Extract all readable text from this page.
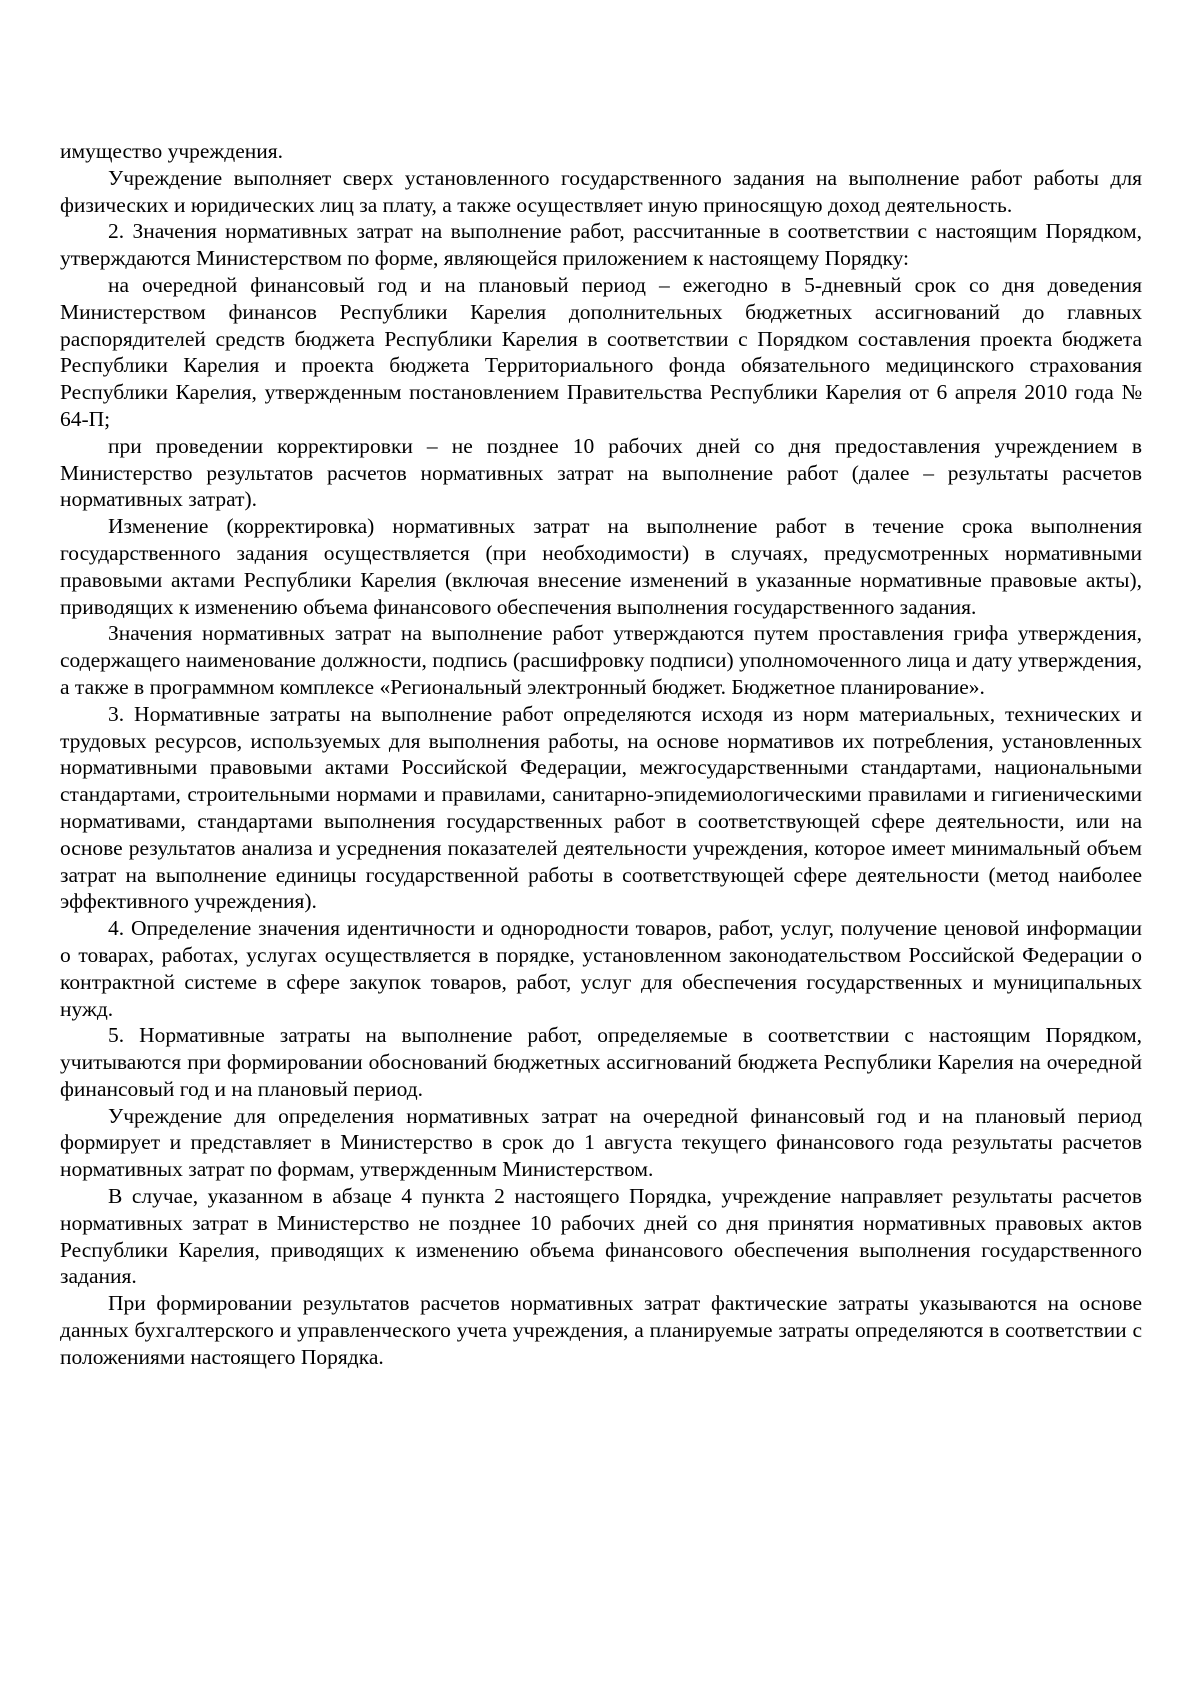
имущество учреждения.

Учреждение выполняет сверх установленного государственного задания на выполнение работ работы для физических и юридических лиц за плату, а также осуществляет иную приносящую доход деятельность.

2. Значения нормативных затрат на выполнение работ, рассчитанные в соответствии с настоящим Порядком, утверждаются Министерством по форме, являющейся приложением к настоящему Порядку:

на очередной финансовый год и на плановый период – ежегодно в 5-дневный срок со дня доведения Министерством финансов Республики Карелия дополнительных бюджетных ассигнований до главных распорядителей средств бюджета Республики Карелия в соответствии с Порядком составления проекта бюджета Республики Карелия и проекта бюджета Территориального фонда обязательного медицинского страхования Республики Карелия, утвержденным постановлением Правительства Республики Карелия от 6 апреля 2010 года № 64-П;

при проведении корректировки – не позднее 10 рабочих дней со дня предоставления учреждением в Министерство результатов расчетов нормативных затрат на выполнение работ (далее – результаты расчетов нормативных затрат).

Изменение (корректировка) нормативных затрат на выполнение работ в течение срока выполнения государственного задания осуществляется (при необходимости) в случаях, предусмотренных нормативными правовыми актами Республики Карелия (включая внесение изменений в указанные нормативные правовые акты), приводящих к изменению объема финансового обеспечения выполнения государственного задания.

Значения нормативных затрат на выполнение работ утверждаются путем проставления грифа утверждения, содержащего наименование должности, подпись (расшифровку подписи) уполномоченного лица и дату утверждения, а также в программном комплексе «Региональный электронный бюджет. Бюджетное планирование».

3. Нормативные затраты на выполнение работ определяются исходя из норм материальных, технических и трудовых ресурсов, используемых для выполнения работы, на основе нормативов их потребления, установленных нормативными правовыми актами Российской Федерации, межгосударственными стандартами, национальными стандартами, строительными нормами и правилами, санитарно-эпидемиологическими правилами и гигиеническими нормативами, стандартами выполнения государственных работ в соответствующей сфере деятельности, или на основе результатов анализа и усреднения показателей деятельности учреждения, которое имеет минимальный объем затрат на выполнение единицы государственной работы в соответствующей сфере деятельности (метод наиболее эффективного учреждения).

4. Определение значения идентичности и однородности товаров, работ, услуг, получение ценовой информации о товарах, работах, услугах осуществляется в порядке, установленном законодательством Российской Федерации о контрактной системе в сфере закупок товаров, работ, услуг для обеспечения государственных и муниципальных нужд.

5. Нормативные затраты на выполнение работ, определяемые в соответствии с настоящим Порядком, учитываются при формировании обоснований бюджетных ассигнований бюджета Республики Карелия на очередной финансовый год и на плановый период.

Учреждение для определения нормативных затрат на очередной финансовый год и на плановый период формирует и представляет в Министерство в срок до 1 августа текущего финансового года результаты расчетов нормативных затрат по формам, утвержденным Министерством.

В случае, указанном в абзаце 4 пункта 2 настоящего Порядка, учреждение направляет результаты расчетов нормативных затрат в Министерство не позднее 10 рабочих дней со дня принятия нормативных правовых актов Республики Карелия, приводящих к изменению объема финансового обеспечения выполнения государственного задания.

При формировании результатов расчетов нормативных затрат фактические затраты указываются на основе данных бухгалтерского и управленческого учета учреждения, а планируемые затраты определяются в соответствии с положениями настоящего Порядка.
